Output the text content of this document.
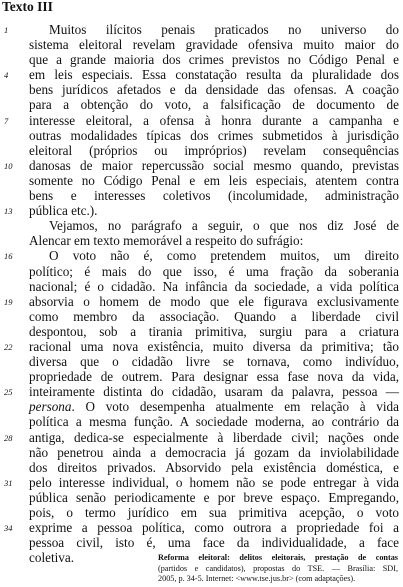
Texto III
1	Muitos ilícitos penais praticados no universo do
sistema eleitoral revelam gravidade ofensiva muito maior do
que a grande maioria dos crimes previstos no Código Penal e
4	em leis especiais. Essa constatação resulta da pluralidade dos
bens jurídicos afetados e da densidade das ofensas. A coação
para a obtenção do voto, a falsificação de documento de
7	interesse eleitoral, a ofensa à honra durante a campanha e
outras modalidades típicas dos crimes submetidos à jurisdição
eleitoral (próprios ou impróprios) revelam consequências
10	danosas de maior repercussão social mesmo quando, previstas
somente no Código Penal e em leis especiais, atentem contra
bens e interesses coletivos (incolumidade, administração
13	pública etc.).
Vejamos, no parágrafo a seguir, o que nos diz José de
Alencar em texto memorável a respeito do sufrágio:
16	O voto não é, como pretendem muitos, um direito
político; é mais do que isso, é uma fração da soberania
nacional; é o cidadão. Na infância da sociedade, a vida política
19	absorvia o homem de modo que ele figurava exclusivamente
como membro da associação. Quando a liberdade civil
despontou, sob a tirania primitiva, surgiu para a criatura
22	racional uma nova existência, muito diversa da primitiva; tão
diversa que o cidadão livre se tornava, como indivíduo,
propriedade de outrem. Para designar essa fase nova da vida,
25	inteiramente distinta do cidadão, usaram da palavra, pessoa —
persona. O voto desempenha atualmente em relação à vida
política a mesma função. A sociedade moderna, ao contrário da
28	antiga, dedica-se especialmente à liberdade civil; nações onde
não penetrou ainda a democracia já gozam da inviolabilidade
dos direitos privados. Absorvido pela existência doméstica, e
31	pelo interesse individual, o homem não se pode entregar à vida
pública senão periodicamente e por breve espaço. Empregando,
pois, o termo jurídico em sua primitiva acepção, o voto
34	exprime a pessoa política, como outrora a propriedade foi a
pessoa civil, isto é, uma face da individualidade, a face
coletiva.	Reforma eleitoral: delitos eleitorais, prestação de contas
(partidos e candidatos), propostas do TSE. — Brasília: SDI,
2005, p. 34-5. Internet: <www.tse.jus.br> (com adaptações).
